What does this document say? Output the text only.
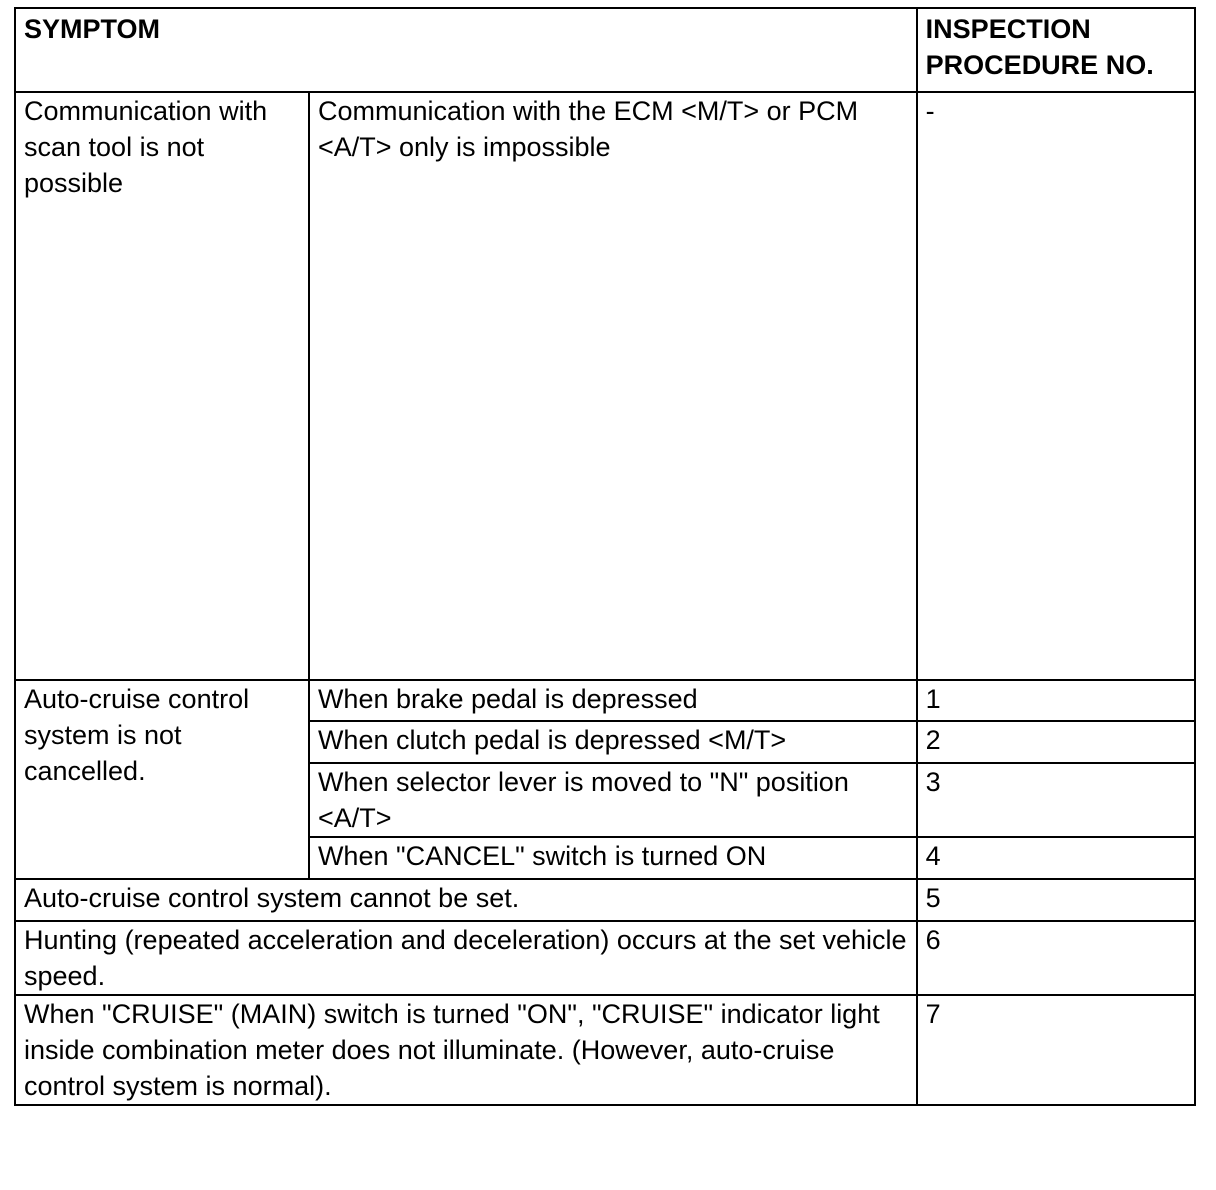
SYMPTOM		INSPECTION PROCEDURE NO.
Communication with scan tool is not possible	Communication with the ECM <M/T> or PCM <A/T> only is impossible	-
Auto-cruise control system is not cancelled.	When brake pedal is depressed	1
	When clutch pedal is depressed <M/T>	2
	When selector lever is moved to "N" position <A/T>	3
	When "CANCEL" switch is turned ON	4
Auto-cruise control system cannot be set.		5
Hunting (repeated acceleration and deceleration) occurs at the set vehicle speed.		6
When "CRUISE" (MAIN) switch is turned "ON", "CRUISE" indicator light inside combination meter does not illuminate. (However, auto-cruise control system is normal).		7
